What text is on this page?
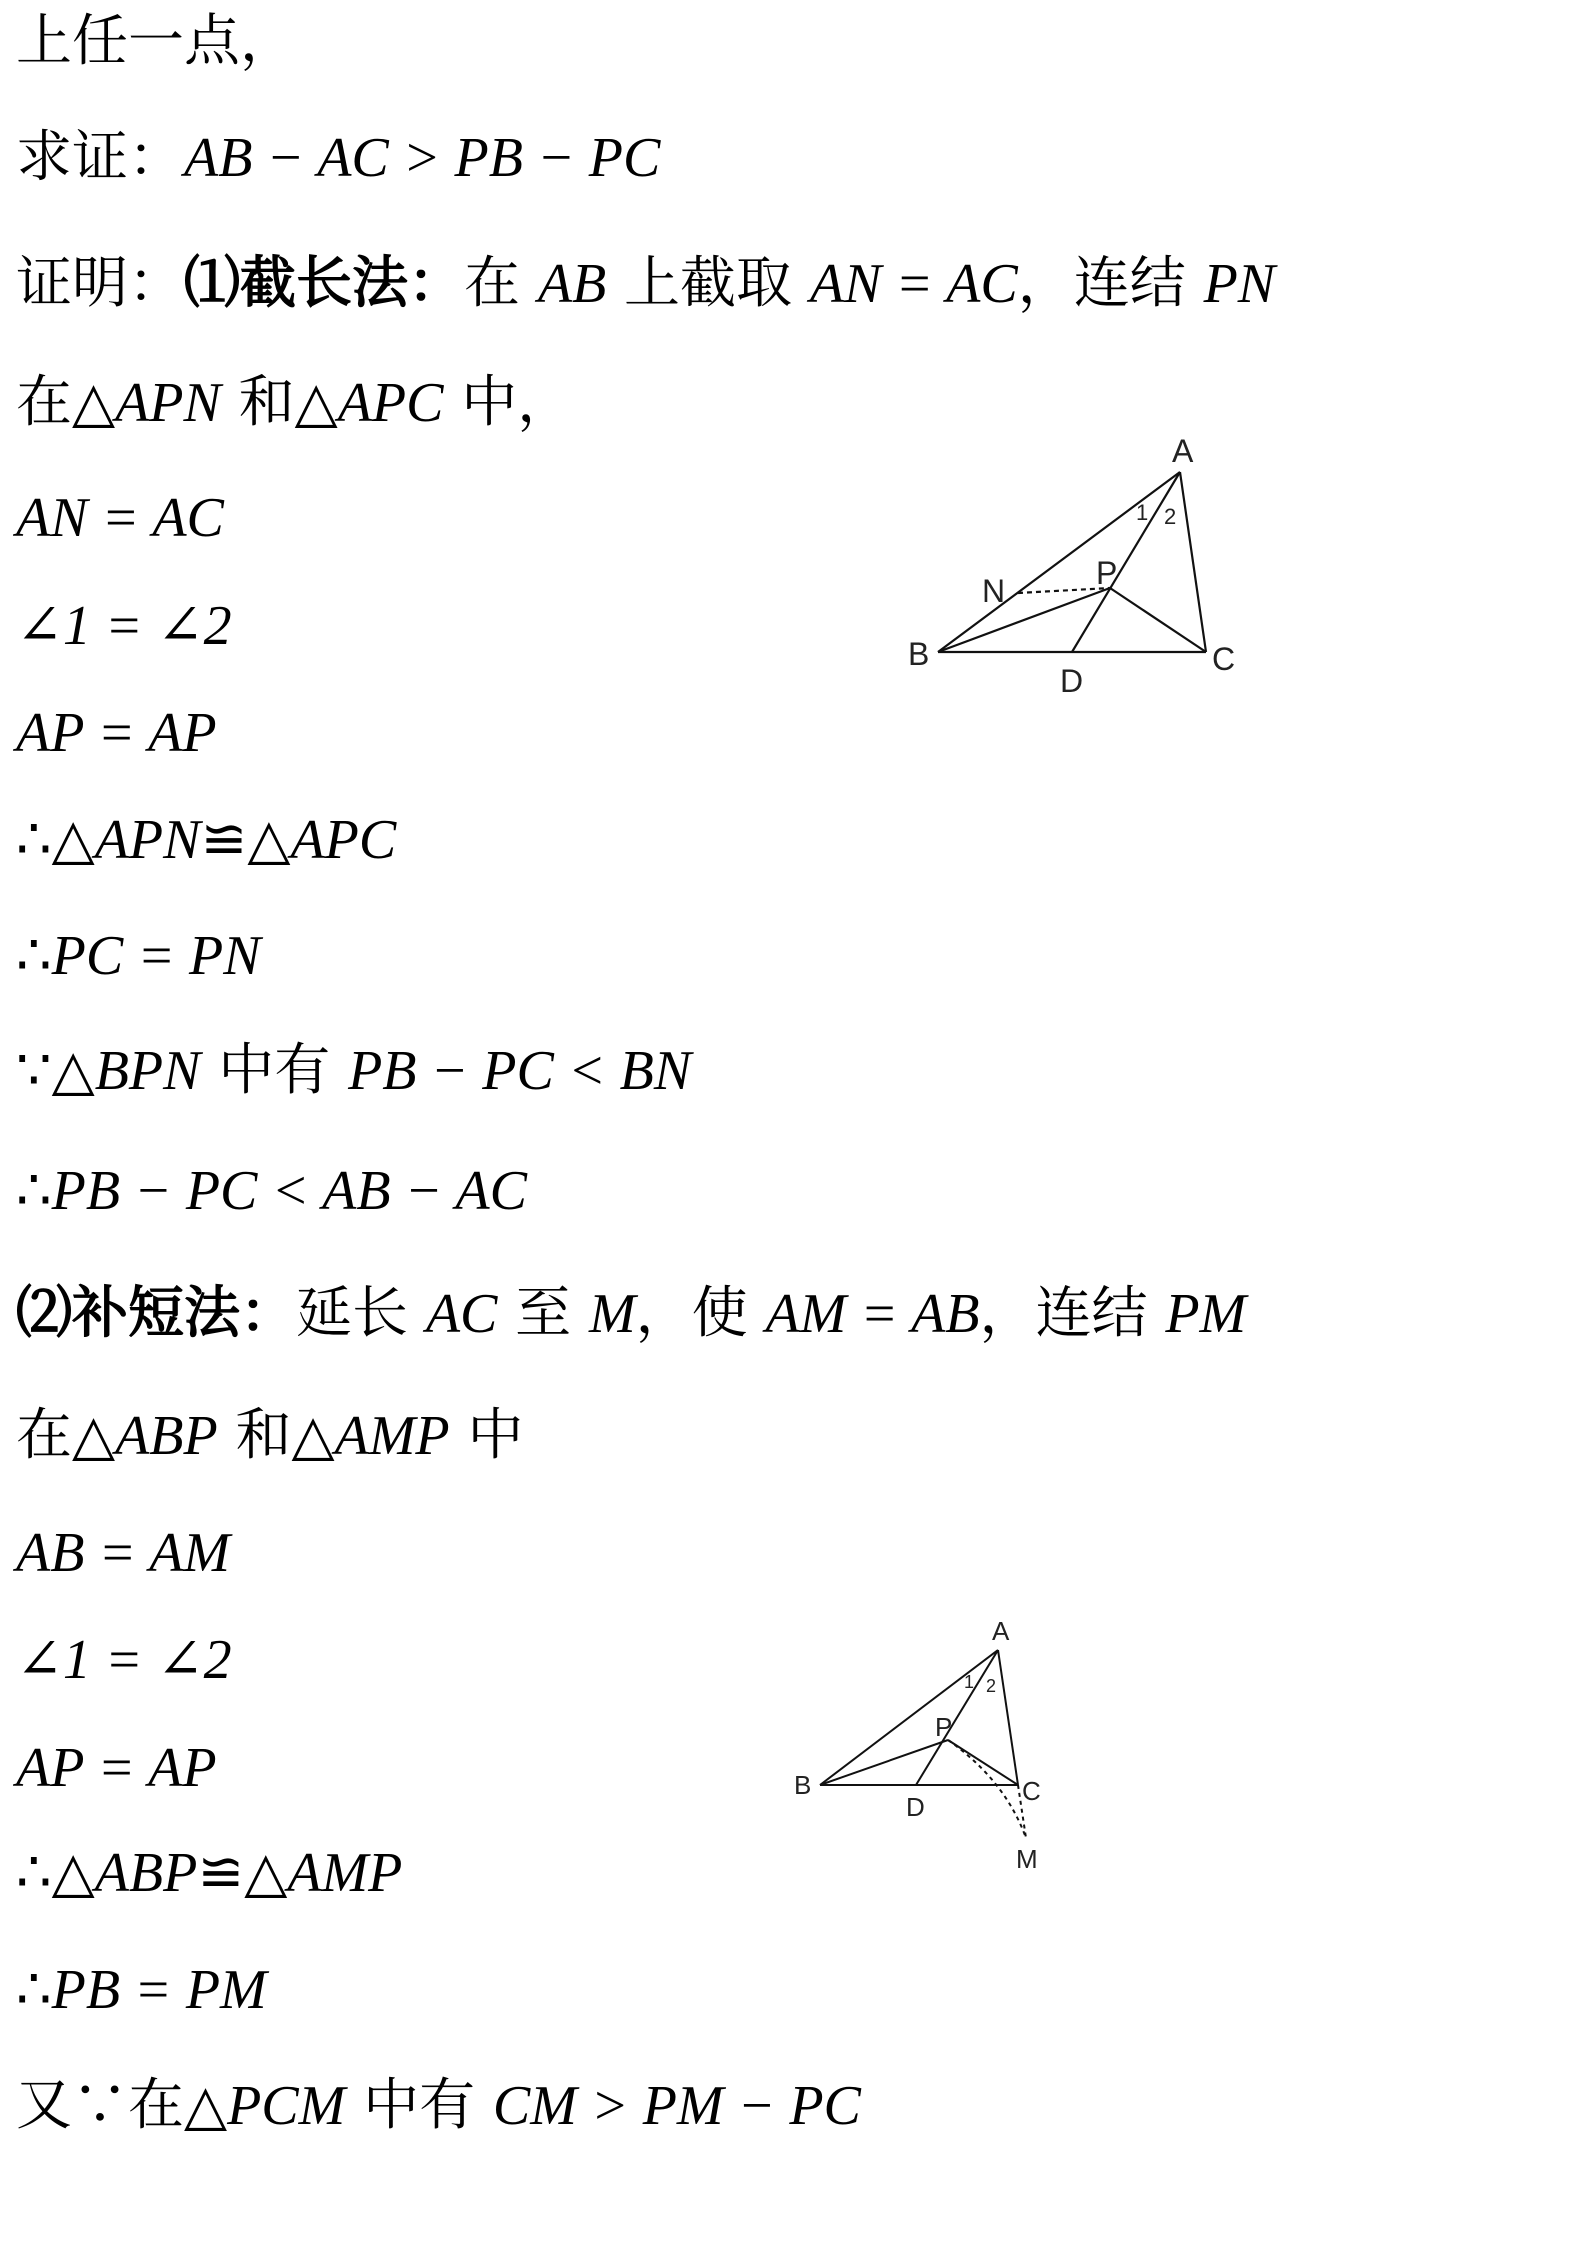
上任一点，
求证：AB − AC > PB − PC
证明：⑴截长法：在 AB 上截取 AN = AC，连结 PN
在△APN 和△APC 中，
AN = AC
∠1 = ∠2
AP = AP
∴△APN≌△APC
∴PC = PN
∵△BPN 中有 PB − PC < BN
∴PB − PC < AB − AC
⑵补短法：延长 AC 至 M，使 AM = AB，连结 PM
在△ABP 和△AMP 中
AB = AM
∠1 = ∠2
AP = AP
∴△ABP≌△AMP
∴PB = PM
又∵在△PCM 中有 CM > PM − PC
A
B	C
D
N	P
1 2
A
B	C
D
P
M
1 2
